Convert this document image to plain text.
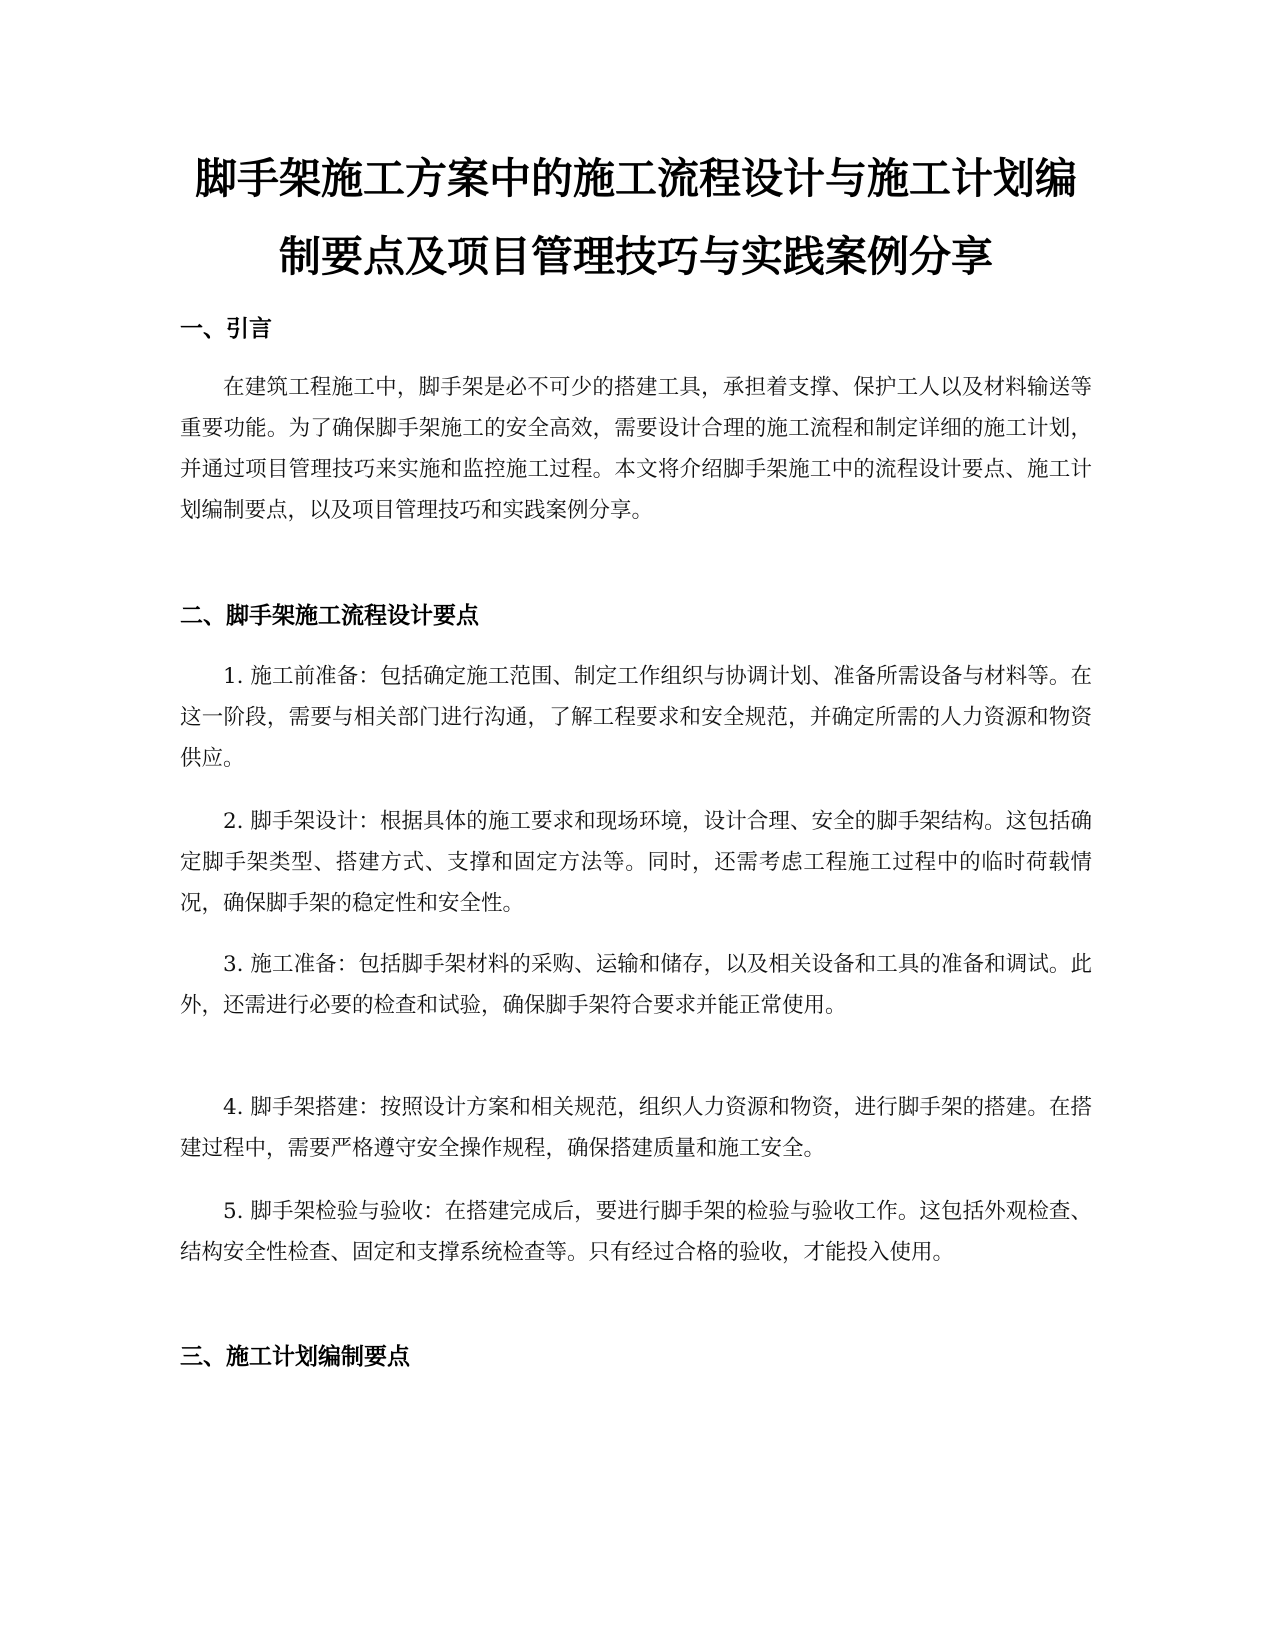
脚手架施工方案中的施工流程设计与施工计划编制要点及项目管理技巧与实践案例分享
一、引言

在建筑工程施工中，脚手架是必不可少的搭建工具，承担着支撑、保护工人以及材料输送等重要功能。为了确保脚手架施工的安全高效，需要设计合理的施工流程和制定详细的施工计划，并通过项目管理技巧来实施和监控施工过程。本文将介绍脚手架施工中的流程设计要点、施工计划编制要点，以及项目管理技巧和实践案例分享。

二、脚手架施工流程设计要点

1. 施工前准备：包括确定施工范围、制定工作组织与协调计划、准备所需设备与材料等。在这一阶段，需要与相关部门进行沟通，了解工程要求和安全规范，并确定所需的人力资源和物资供应。

2. 脚手架设计：根据具体的施工要求和现场环境，设计合理、安全的脚手架结构。这包括确定脚手架类型、搭建方式、支撑和固定方法等。同时，还需考虑工程施工过程中的临时荷载情况，确保脚手架的稳定性和安全性。

3. 施工准备：包括脚手架材料的采购、运输和储存，以及相关设备和工具的准备和调试。此外，还需进行必要的检查和试验，确保脚手架符合要求并能正常使用。

4. 脚手架搭建：按照设计方案和相关规范，组织人力资源和物资，进行脚手架的搭建。在搭建过程中，需要严格遵守安全操作规程，确保搭建质量和施工安全。

5. 脚手架检验与验收：在搭建完成后，要进行脚手架的检验与验收工作。这包括外观检查、结构安全性检查、固定和支撑系统检查等。只有经过合格的验收，才能投入使用。

三、施工计划编制要点
